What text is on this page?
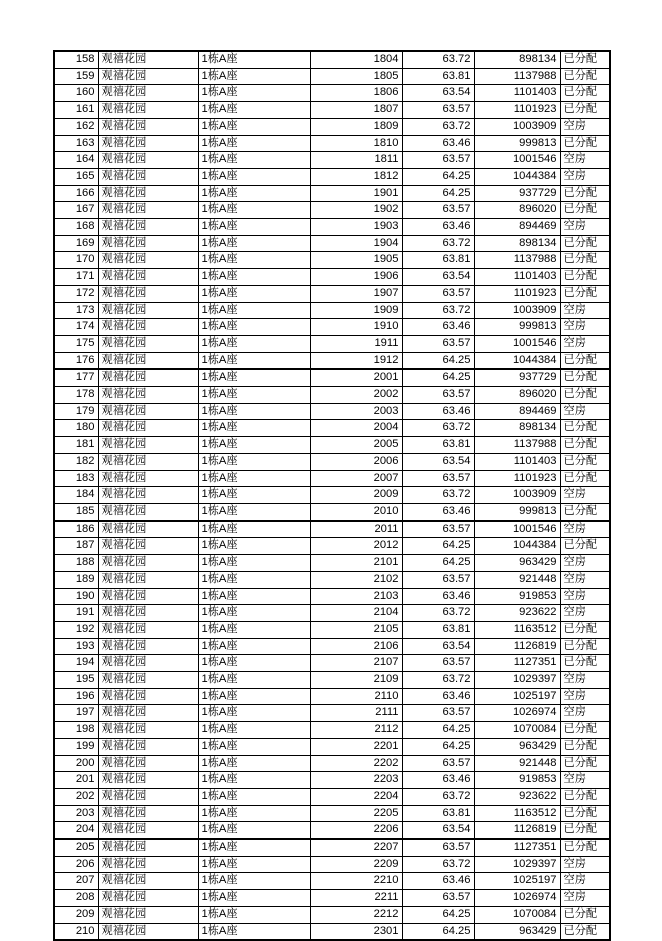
158	观禧花园	1栋A座	1804	63.72	898134	已分配
159	观禧花园	1栋A座	1805	63.81	1137988	已分配
160	观禧花园	1栋A座	1806	63.54	1101403	已分配
161	观禧花园	1栋A座	1807	63.57	1101923	已分配
162	观禧花园	1栋A座	1809	63.72	1003909	空房
163	观禧花园	1栋A座	1810	63.46	999813	已分配
164	观禧花园	1栋A座	1811	63.57	1001546	空房
165	观禧花园	1栋A座	1812	64.25	1044384	空房
166	观禧花园	1栋A座	1901	64.25	937729	已分配
167	观禧花园	1栋A座	1902	63.57	896020	已分配
168	观禧花园	1栋A座	1903	63.46	894469	空房
169	观禧花园	1栋A座	1904	63.72	898134	已分配
170	观禧花园	1栋A座	1905	63.81	1137988	已分配
171	观禧花园	1栋A座	1906	63.54	1101403	已分配
172	观禧花园	1栋A座	1907	63.57	1101923	已分配
173	观禧花园	1栋A座	1909	63.72	1003909	空房
174	观禧花园	1栋A座	1910	63.46	999813	空房
175	观禧花园	1栋A座	1911	63.57	1001546	空房
176	观禧花园	1栋A座	1912	64.25	1044384	已分配
177	观禧花园	1栋A座	2001	64.25	937729	已分配
178	观禧花园	1栋A座	2002	63.57	896020	已分配
179	观禧花园	1栋A座	2003	63.46	894469	空房
180	观禧花园	1栋A座	2004	63.72	898134	已分配
181	观禧花园	1栋A座	2005	63.81	1137988	已分配
182	观禧花园	1栋A座	2006	63.54	1101403	已分配
183	观禧花园	1栋A座	2007	63.57	1101923	已分配
184	观禧花园	1栋A座	2009	63.72	1003909	空房
185	观禧花园	1栋A座	2010	63.46	999813	已分配
186	观禧花园	1栋A座	2011	63.57	1001546	空房
187	观禧花园	1栋A座	2012	64.25	1044384	已分配
188	观禧花园	1栋A座	2101	64.25	963429	空房
189	观禧花园	1栋A座	2102	63.57	921448	空房
190	观禧花园	1栋A座	2103	63.46	919853	空房
191	观禧花园	1栋A座	2104	63.72	923622	空房
192	观禧花园	1栋A座	2105	63.81	1163512	已分配
193	观禧花园	1栋A座	2106	63.54	1126819	已分配
194	观禧花园	1栋A座	2107	63.57	1127351	已分配
195	观禧花园	1栋A座	2109	63.72	1029397	空房
196	观禧花园	1栋A座	2110	63.46	1025197	空房
197	观禧花园	1栋A座	2111	63.57	1026974	空房
198	观禧花园	1栋A座	2112	64.25	1070084	已分配
199	观禧花园	1栋A座	2201	64.25	963429	已分配
200	观禧花园	1栋A座	2202	63.57	921448	已分配
201	观禧花园	1栋A座	2203	63.46	919853	空房
202	观禧花园	1栋A座	2204	63.72	923622	已分配
203	观禧花园	1栋A座	2205	63.81	1163512	已分配
204	观禧花园	1栋A座	2206	63.54	1126819	已分配
205	观禧花园	1栋A座	2207	63.57	1127351	已分配
206	观禧花园	1栋A座	2209	63.72	1029397	空房
207	观禧花园	1栋A座	2210	63.46	1025197	空房
208	观禧花园	1栋A座	2211	63.57	1026974	空房
209	观禧花园	1栋A座	2212	64.25	1070084	已分配
210	观禧花园	1栋A座	2301	64.25	963429	已分配
